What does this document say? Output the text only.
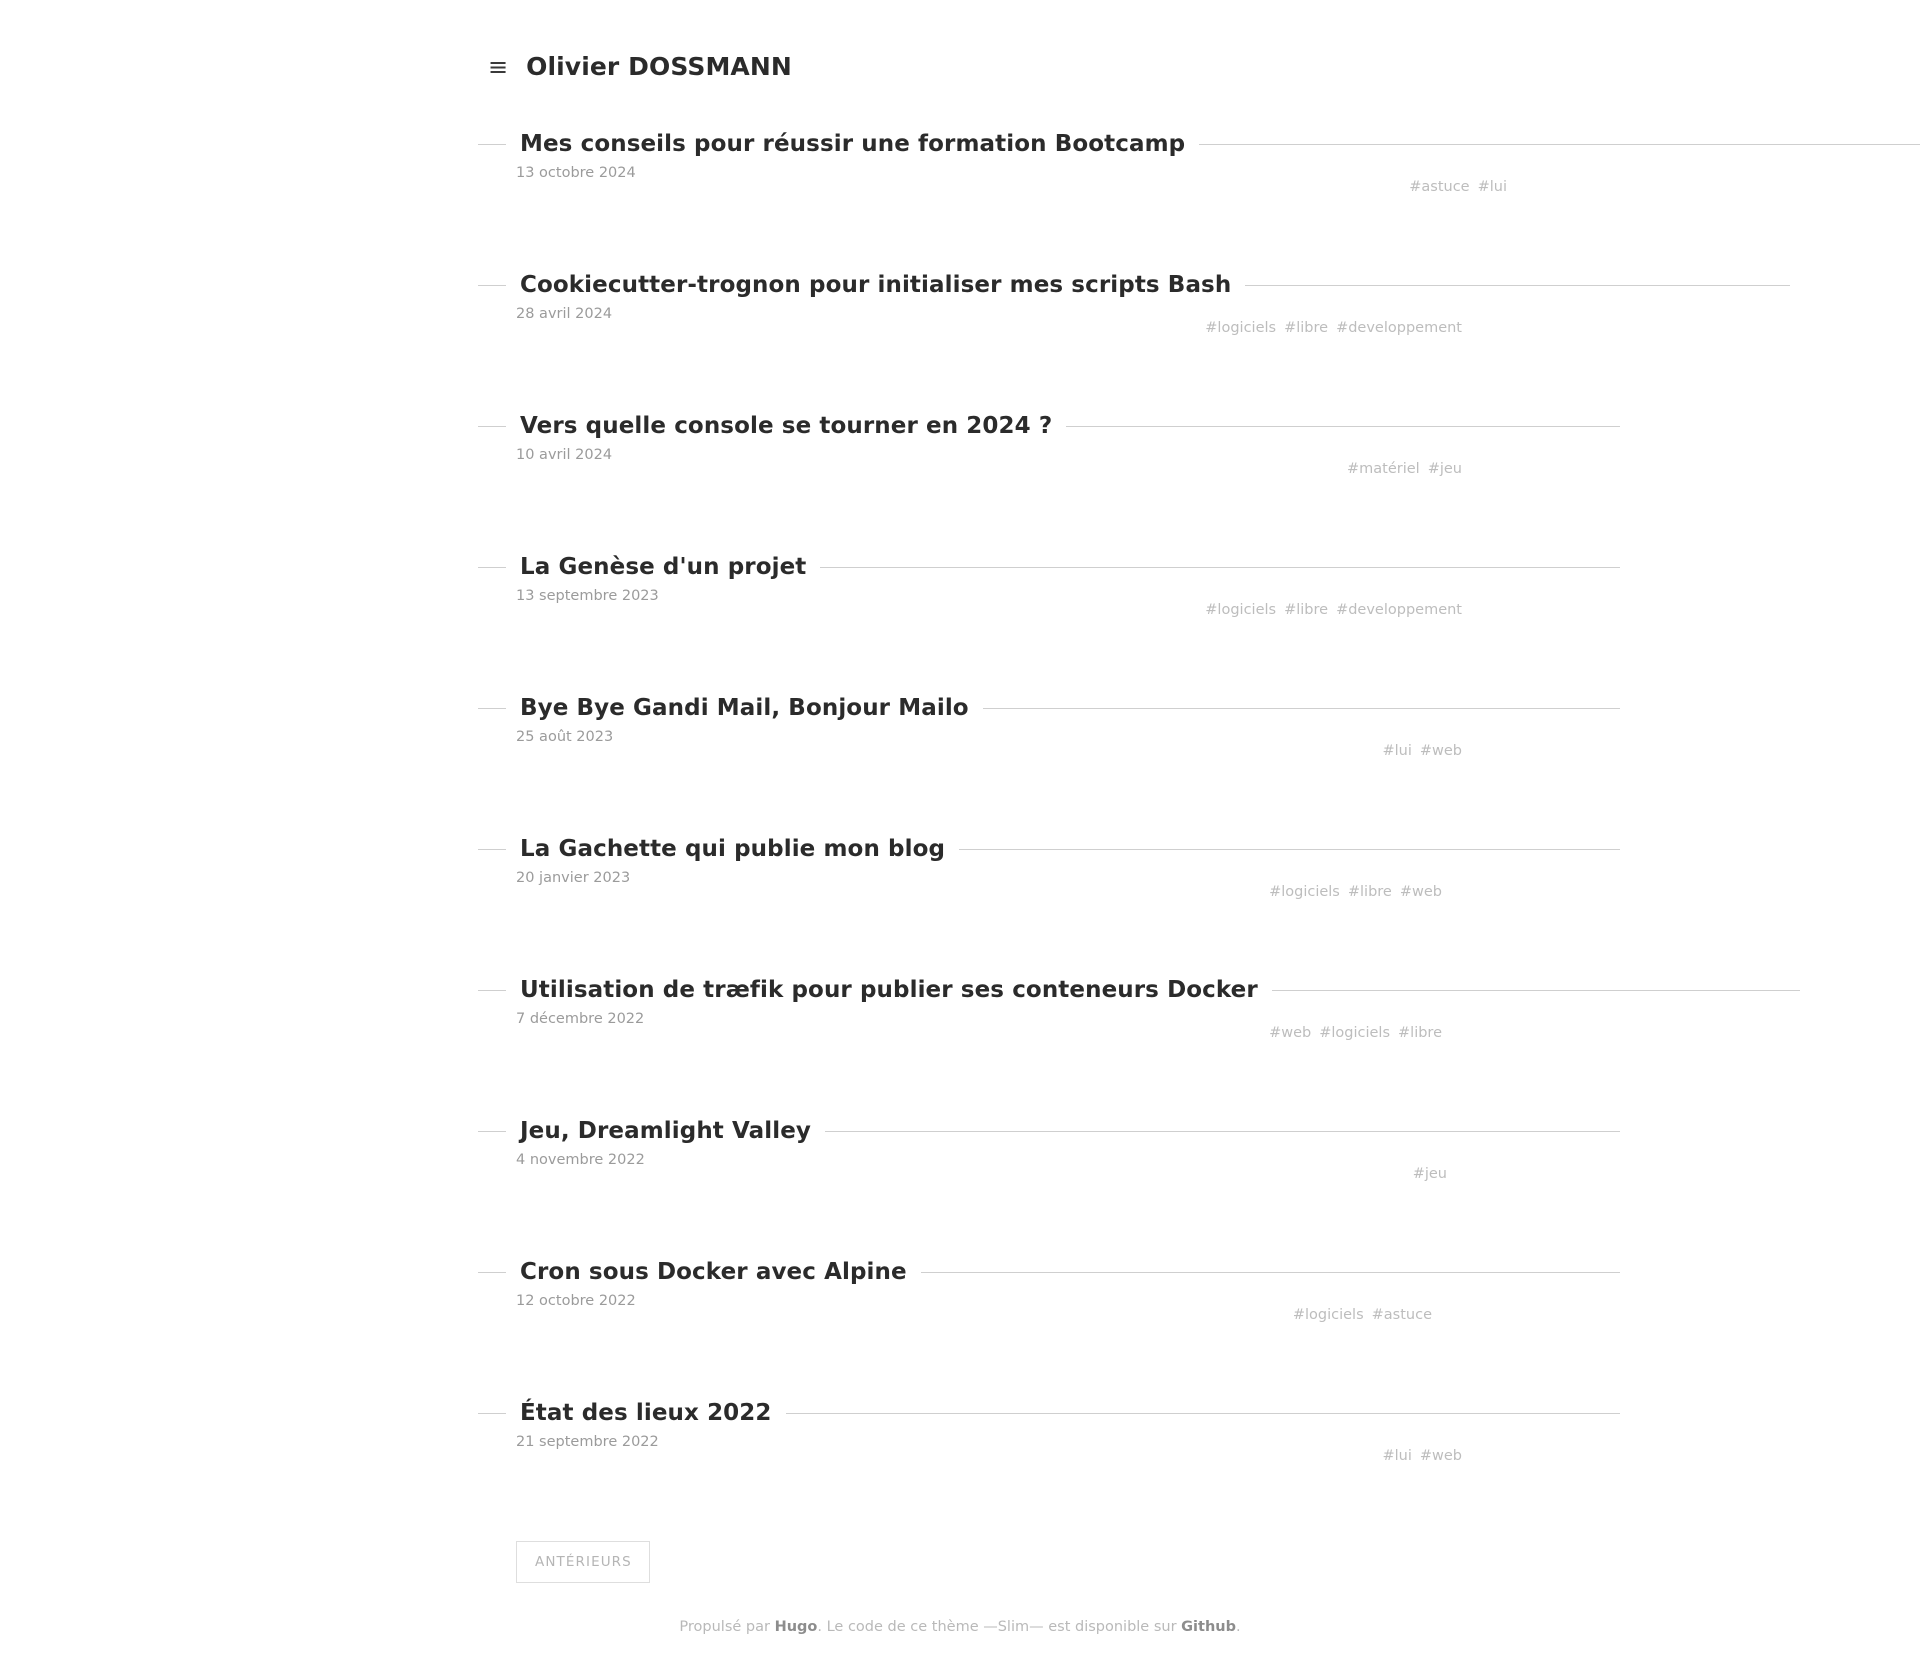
≡ Olivier DOSSMANN
Mes conseils pour réussir une formation Bootcamp
13 octobre 2024
#astuce #lui
Cookiecutter-trognon pour initialiser mes scripts Bash
28 avril 2024
#logiciels #libre #developpement
Vers quelle console se tourner en 2024 ?
10 avril 2024
#matériel #jeu
La Genèse d'un projet
13 septembre 2023
#logiciels #libre #developpement
Bye Bye Gandi Mail, Bonjour Mailo
25 août 2023
#lui #web
La Gachette qui publie mon blog
20 janvier 2023
#logiciels #libre #web
Utilisation de træfik pour publier ses conteneurs Docker
7 décembre 2022
#web #logiciels #libre
Jeu, Dreamlight Valley
4 novembre 2022
#jeu
Cron sous Docker avec Alpine
12 octobre 2022
#logiciels #astuce
État des lieux 2022
21 septembre 2022
#lui #web
ANTÉRIEURS
Propulsé par Hugo. Le code de ce thème —Slim— est disponible sur Github.
